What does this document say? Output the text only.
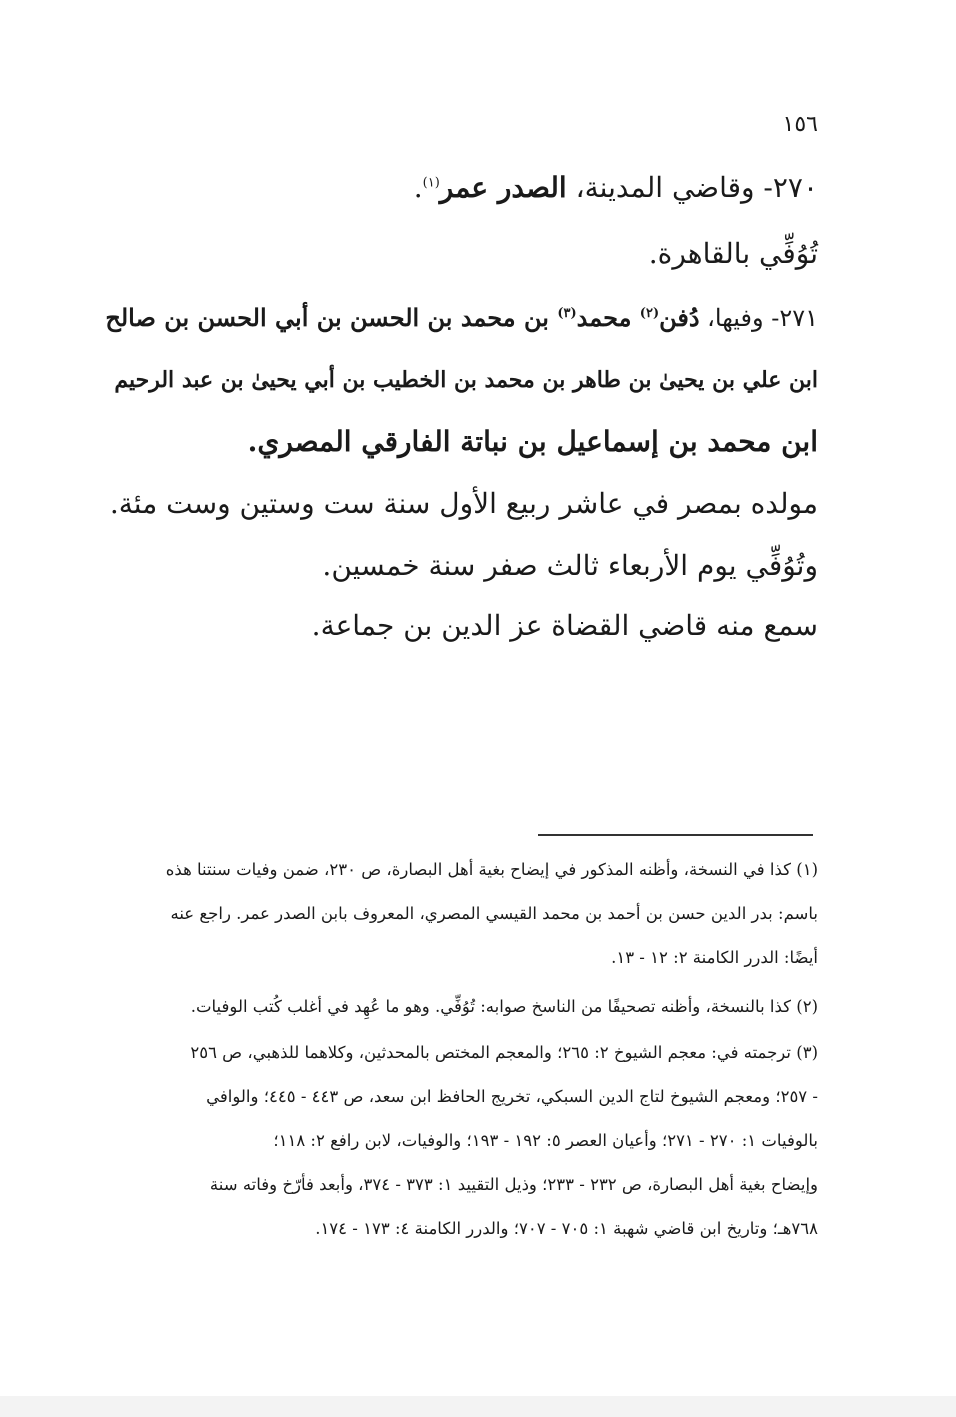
١٥٦
٢٧٠- وقاضي المدينة، الصدر عمر$^{(١)}$.
تُوُفِّي بالقاهرة.
٢٧١- وفيها، دُفن$^{(٢)}$ محمد$^{(٣)}$ بن محمد بن الحسن بن أبي الحسن بن صالح
ابن علي بن يحيىٰ بن طاهر بن محمد بن الخطيب بن أبي يحيىٰ بن عبد الرحيم
ابن محمد بن إسماعيل بن نباتة الفارقي المصري.
مولده بمصر في عاشر ربيع الأول سنة ست وستين وست مئة.
وتُوُفِّي يوم الأربعاء ثالث صفر سنة خمسين.
سمع منه قاضي القضاة عز الدين بن جماعة.
(١) كذا في النسخة، وأظنه المذكور في إيضاح بغية أهل البصارة، ص ٢٣٠، ضمن وفيات سنتنا هذه
باسم: بدر الدين حسن بن أحمد بن محمد القيسي المصري، المعروف بابن الصدر عمر. راجع عنه
أيضًا: الدرر الكامنة ٢: ١٢ - ١٣.
(٢) كذا بالنسخة، وأظنه تصحيفًا من الناسخ صوابه: تُوُفِّي. وهو ما عُهِد في أغلب كُتب الوفيات.
(٣) ترجمته في: معجم الشيوخ ٢: ٢٦٥؛ والمعجم المختص بالمحدثين، وكلاهما للذهبي، ص ٢٥٦
- ٢٥٧؛ ومعجم الشيوخ لتاج الدين السبكي، تخريج الحافظ ابن سعد، ص ٤٤٣ - ٤٤٥؛ والوافي
بالوفيات ١: ٢٧٠ - ٢٧١؛ وأعيان العصر ٥: ١٩٢ - ١٩٣؛ والوفيات، لابن رافع ٢: ١١٨؛
وإيضاح بغية أهل البصارة، ص ٢٣٢ - ٢٣٣؛ وذيل التقييد ١: ٣٧٣ - ٣٧٤، وأبعد فأرّخ وفاته سنة
٧٦٨هـ؛ وتاريخ ابن قاضي شهبة ١: ٧٠٥ - ٧٠٧؛ والدرر الكامنة ٤: ١٧٣ - ١٧٤.
